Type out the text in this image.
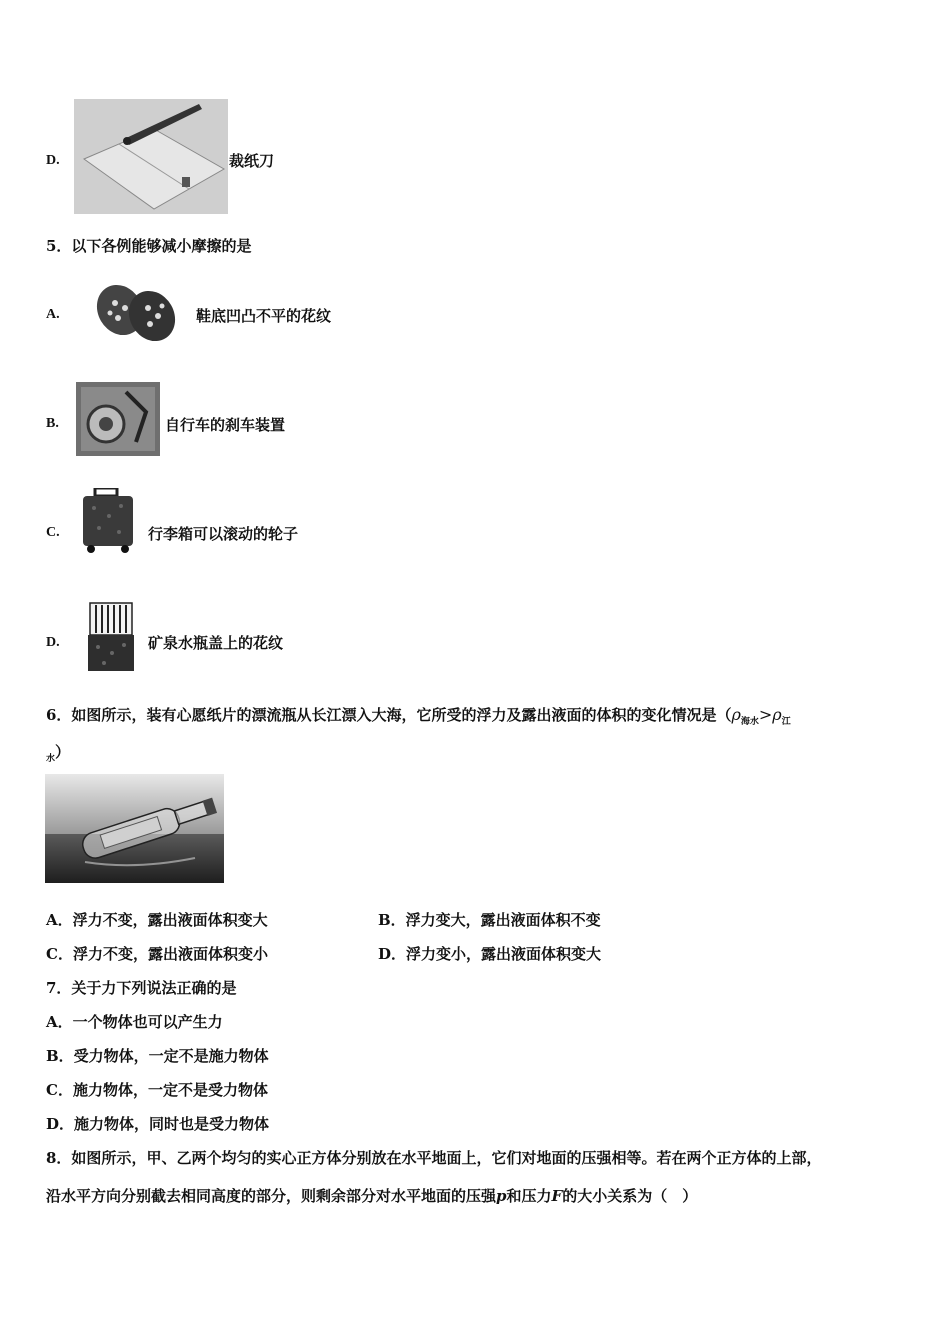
D.	裁纸刀
5．以下各例能够减小摩擦的是
A.	鞋底凹凸不平的花纹
B.	自行车的刹车装置
C.	行李箱可以滚动的轮子
D.	矿泉水瓶盖上的花纹
6．如图所示，装有心愿纸片的漂流瓶从长江漂入大海，它所受的浮力及露出液面的体积的变化情况是（$\rho_{海水}>\rho_江$
$_水$）
A．浮力不变，露出液面体积变大	B．浮力变大，露出液面体积不变
C．浮力不变，露出液面体积变小	D．浮力变小，露出液面体积变大
7．关于力下列说法正确的是
A．一个物体也可以产生力
B．受力物体，一定不是施力物体
C．施力物体，一定不是受力物体
D．施力物体，同时也是受力物体
8．如图所示，甲、乙两个均匀的实心正方体分别放在水平地面上，它们对地面的压强相等。若在两个正方体的上部，
沿水平方向分别截去相同高度的部分，则剩余部分对水平地面的压强p和压力F的大小关系为（　）
